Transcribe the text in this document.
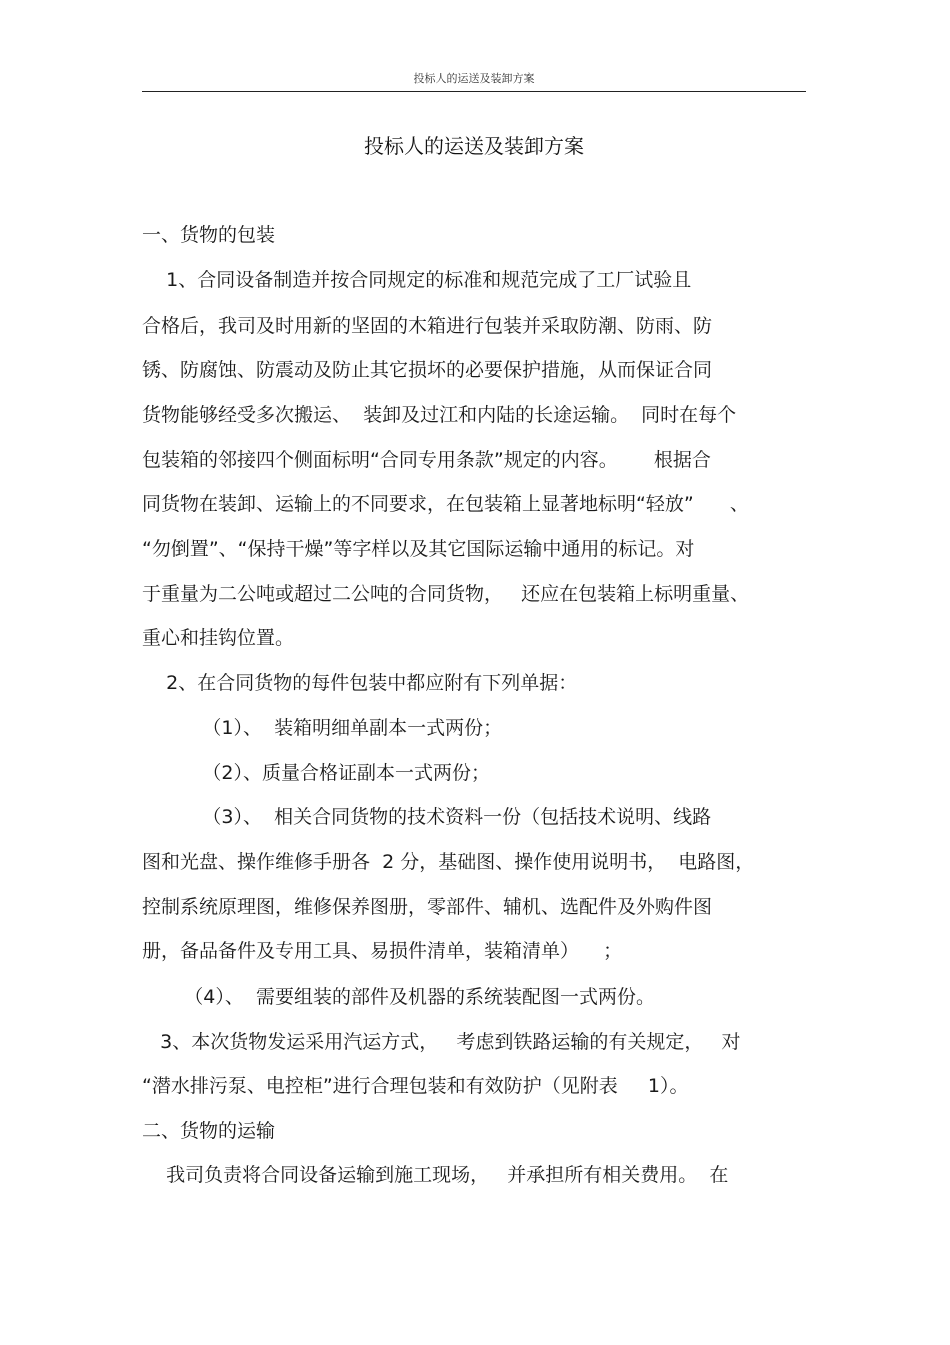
投标人的运送及装卸方案
投标人的运送及装卸方案
一、货物的包装
1、合同设备制造并按合同规定的标准和规范完成了工厂试验且
合格后，我司及时用新的坚固的木箱进行包装并采取防潮、防雨、防
锈、防腐蚀、防震动及防止其它损坏的必要保护措施，从而保证合同
货物能够经受多次搬运、  装卸及过江和内陆的长途运输。  同时在每个
包装箱的邻接四个侧面标明“合同专用条款”规定的内容。      根据合
同货物在装卸、运输上的不同要求，在包装箱上显著地标明“轻放”      、
“勿倒置”、“保持干燥”等字样以及其它国际运输中通用的标记。对
于重量为二公吨或超过二公吨的合同货物，   还应在包装箱上标明重量、
重心和挂钩位置。
2、在合同货物的每件包装中都应附有下列单据：
（1）、  装箱明细单副本一式两份；
（2）、质量合格证副本一式两份；
（3）、  相关合同货物的技术资料一份（包括技术说明、线路
图和光盘、操作维修手册各  2 分，基础图、操作使用说明书，  电路图，
控制系统原理图，维修保养图册，零部件、辅机、选配件及外购件图
册，备品备件及专用工具、易损件清单，装箱清单）    ；
（4）、  需要组装的部件及机器的系统装配图一式两份。
3、本次货物发运采用汽运方式，   考虑到铁路运输的有关规定，   对
“潜水排污泵、电控柜”进行合理包装和有效防护（见附表     1）。
二、货物的运输
我司负责将合同设备运输到施工现场，   并承担所有相关费用。  在
